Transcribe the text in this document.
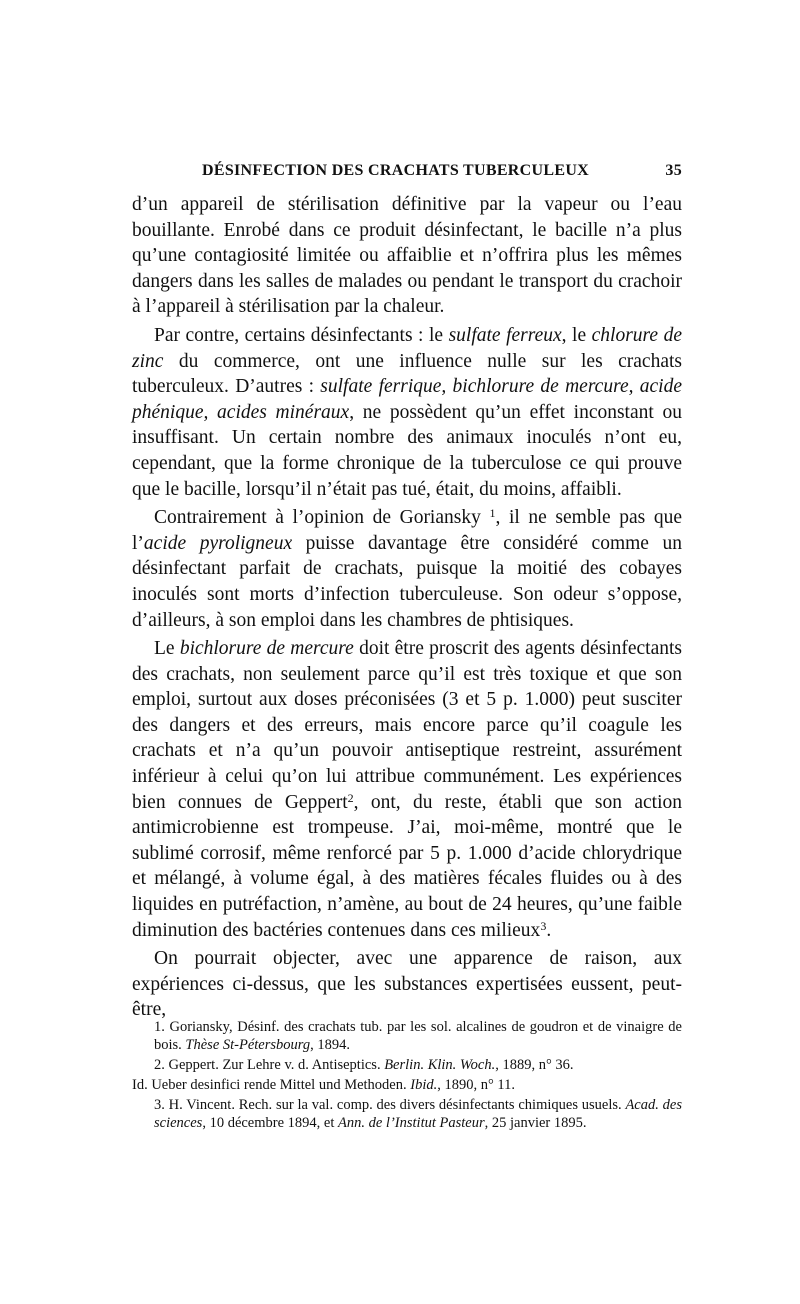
DÉSINFECTION DES CRACHATS TUBERCULEUX	35

d’un appareil de stérilisation définitive par la vapeur ou l’eau bouillante. Enrobé dans ce produit désinfectant, le bacille n’a plus qu’une contagiosité limitée ou affaiblie et n’offrira plus les mêmes dangers dans les salles de malades ou pendant le transport du crachoir à l’appareil à stérilisation par la chaleur.

Par contre, certains désinfectants : le sulfate ferreux, le chlorure de zinc du commerce, ont une influence nulle sur les crachats tuberculeux. D’autres : sulfate ferrique, bichlorure de mercure, acide phénique, acides minéraux, ne possèdent qu’un effet inconstant ou insuffisant. Un certain nombre des animaux inoculés n’ont eu, cependant, que la forme chronique de la tuberculose ce qui prouve que le bacille, lorsqu’il n’était pas tué, était, du moins, affaibli.

Contrairement à l’opinion de Goriansky $^1$, il ne semble pas que l’acide pyroligneux puisse davantage être considéré comme un désinfectant parfait de crachats, puisque la moitié des cobayes inoculés sont morts d’infection tuberculeuse. Son odeur s’oppose, d’ailleurs, à son emploi dans les chambres de phtisiques.

Le bichlorure de mercure doit être proscrit des agents désinfectants des crachats, non seulement parce qu’il est très toxique et que son emploi, surtout aux doses préconisées (3 et 5 p. 1.000) peut susciter des dangers et des erreurs, mais encore parce qu’il coagule les crachats et n’a qu’un pouvoir antiseptique restreint, assurément inférieur à celui qu’on lui attribue communément. Les expériences bien connues de Geppert$^2$, ont, du reste, établi que son action antimicrobienne est trompeuse. J’ai, moi-même, montré que le sublimé corrosif, même renforcé par 5 p. 1.000 d’acide chlorydrique et mélangé, à volume égal, à des matières fécales fluides ou à des liquides en putréfaction, n’amène, au bout de 24 heures, qu’une faible diminution des bactéries contenues dans ces milieux$^3$.

On pourrait objecter, avec une apparence de raison, aux expériences ci-dessus, que les substances expertisées eussent, peut-être,

1. Goriansky, Désinf. des crachats tub. par les sol. alcalines de goudron et de vinaigre de bois. Thèse St-Pétersbourg, 1894.

2. Geppert. Zur Lehre v. d. Antiseptics. Berlin. Klin. Woch., 1889, n° 36.

Id. Ueber desinfici rende Mittel und Methoden. Ibid., 1890, n° 11.

3. H. Vincent. Rech. sur la val. comp. des divers désinfectants chimiques usuels. Acad. des sciences, 10 décembre 1894, et Ann. de l’Institut Pasteur, 25 janvier 1895.
